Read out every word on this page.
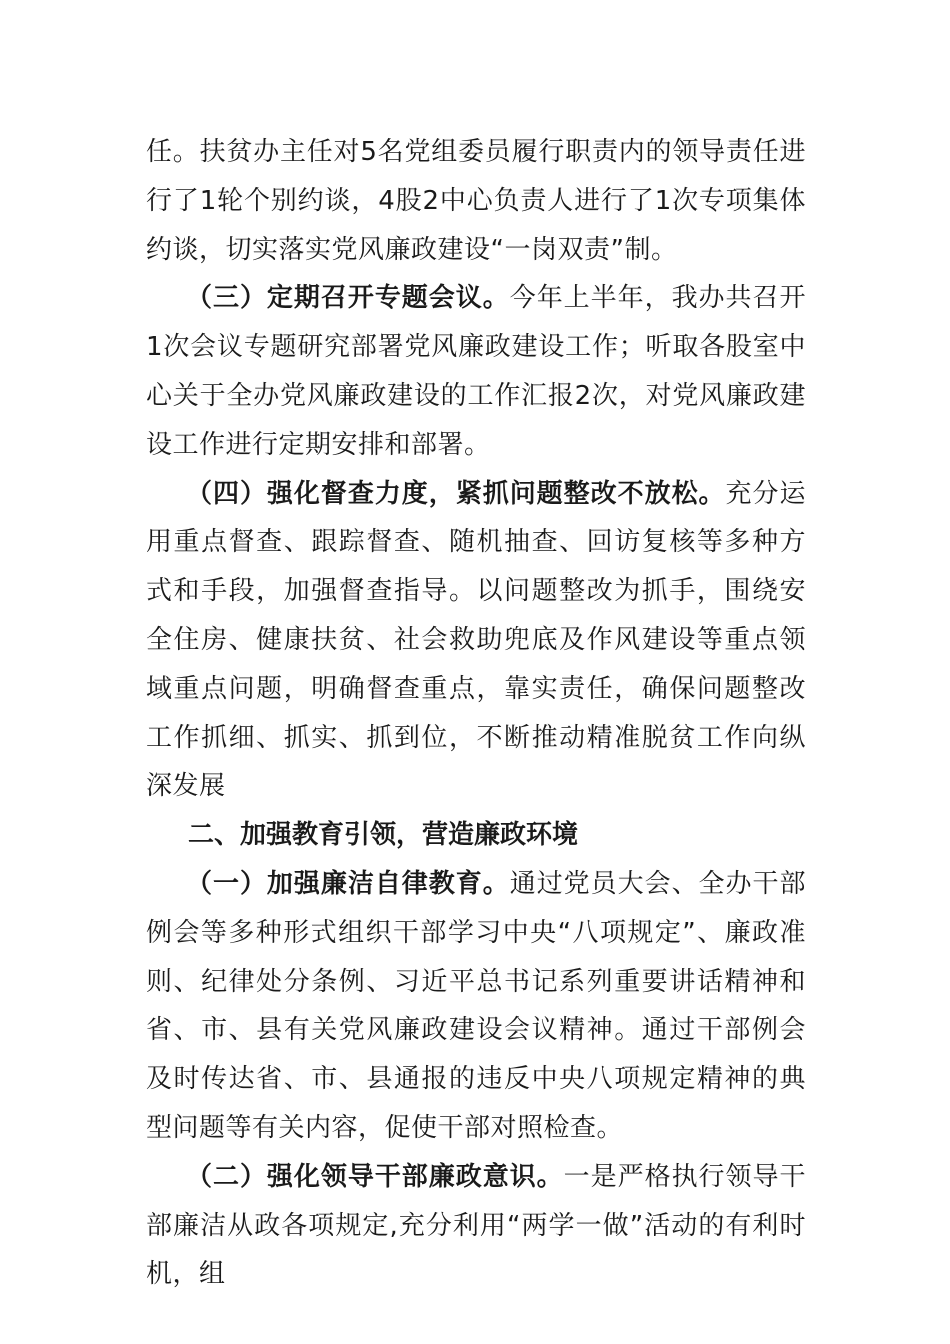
任。扶贫办主任对5名党组委员履行职责内的领导责任进行了1轮个别约谈，4股2中心负责人进行了1次专项集体约谈，切实落实党风廉政建设“一岗双责”制。

（三）定期召开专题会议。今年上半年，我办共召开1次会议专题研究部署党风廉政建设工作；听取各股室中心关于全办党风廉政建设的工作汇报2次，对党风廉政建设工作进行定期安排和部署。

（四）强化督查力度，紧抓问题整改不放松。充分运用重点督查、跟踪督查、随机抽查、回访复核等多种方式和手段，加强督查指导。以问题整改为抓手，围绕安全住房、健康扶贫、社会救助兜底及作风建设等重点领域重点问题，明确督查重点，靠实责任，确保问题整改工作抓细、抓实、抓到位，不断推动精准脱贫工作向纵深发展

二、加强教育引领，营造廉政环境

（一）加强廉洁自律教育。通过党员大会、全办干部例会等多种形式组织干部学习中央“八项规定”、廉政准则、纪律处分条例、习近平总书记系列重要讲话精神和省、市、县有关党风廉政建设会议精神。通过干部例会及时传达省、市、县通报的违反中央八项规定精神的典型问题等有关内容，促使干部对照检查。

（二）强化领导干部廉政意识。一是严格执行领导干部廉洁从政各项规定,充分利用“两学一做”活动的有利时机，组
